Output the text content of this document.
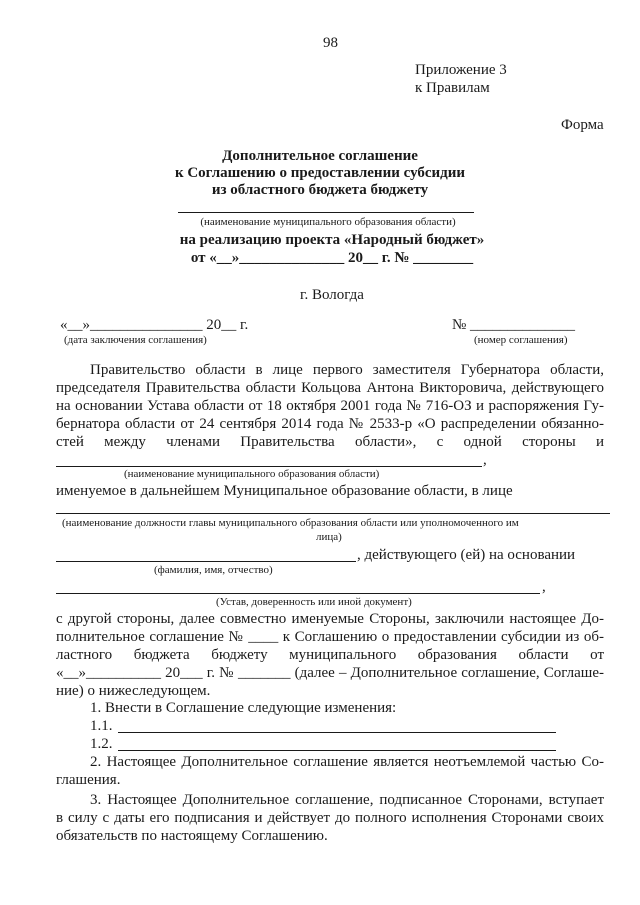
98
Приложение 3
к Правилам
Форма
Дополнительное соглашение
к Соглашению о предоставлении субсидии
из областного бюджета бюджету
(наименование муниципального образования области)
на реализацию проекта «Народный бюджет»
от «__»______________ 20__ г. № ________
г. Вологда
«__»_______________ 20__ г.
(дата заключения соглашения)
№ ______________
(номер соглашения)
Правительство области в лице первого заместителя Губернатора области,
председателя Правительства области Кольцова Антона Викторовича, действующего
на основании Устава области от 18 октября 2001 года № 716-ОЗ и распоряжения Гу-
бернатора области от 24 сентября 2014 года № 2533-р «О распределении обязанно-
стей между членами Правительства области», с одной стороны и
,
(наименование муниципального образования области)
именуемое в дальнейшем Муниципальное образование области, в лице
(наименование должности главы муниципального образования области или уполномоченного им
лица)
, действующего (ей) на основании
(фамилия, имя, отчество)
,
(Устав, доверенность или иной документ)
с другой стороны, далее совместно именуемые Стороны, заключили настоящее До-
полнительное соглашение № ____ к Соглашению о предоставлении субсидии из об-
ластного бюджета бюджету муниципального образования области от
«__»__________ 20___ г. № _______ (далее – Дополнительное соглашение, Соглаше-
ние) о нижеследующем.
1. Внести в Соглашение следующие изменения:
1.1.
1.2.
2. Настоящее Дополнительное соглашение является неотъемлемой частью Со-
глашения.
3. Настоящее Дополнительное соглашение, подписанное Сторонами, вступает
в силу с даты его подписания и действует до полного исполнения Сторонами своих
обязательств по настоящему Соглашению.
